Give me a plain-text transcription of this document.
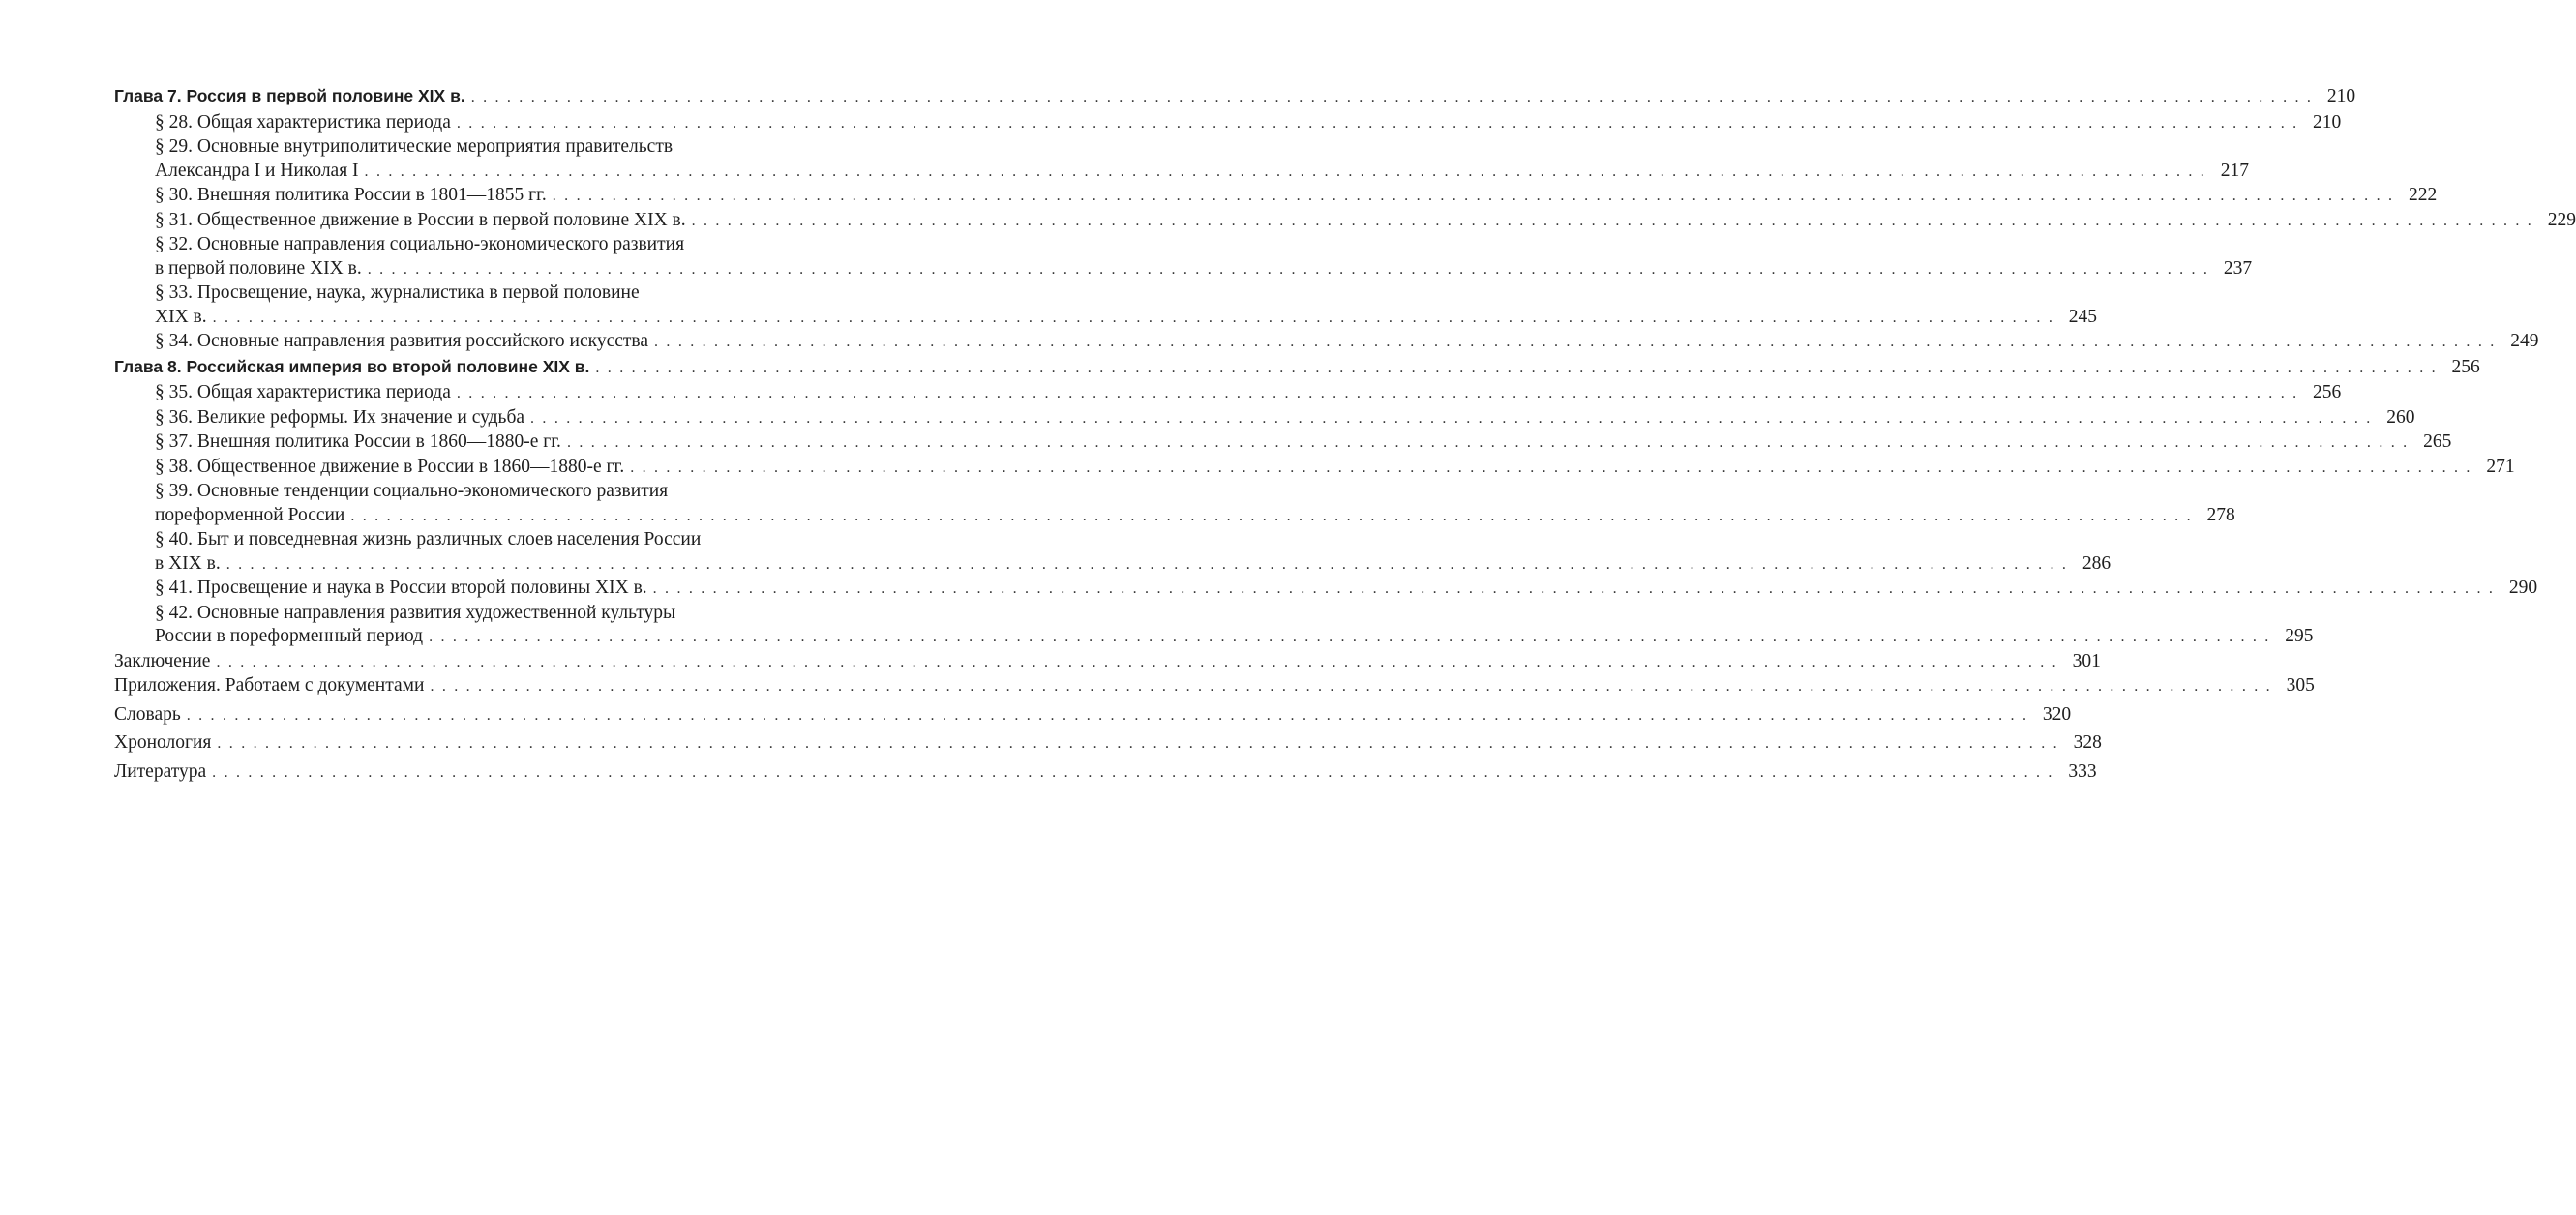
Глава 7. Россия в первой половине XIX в. . . .	210
§ 28. Общая характеристика периода . . .	210
§ 29. Основные внутриполитические мероприятия правительств
Александра I и Николая I . . .	217
§ 30. Внешняя политика России в 1801—1855 гг. . . .	222
§ 31. Общественное движение в России в первой половине XIX в. . . .	229
§ 32. Основные направления социально-экономического развития
в первой половине XIX в. . . .	237
§ 33. Просвещение, наука, журналистика в первой половине
XIX в. . . .	245
§ 34. Основные направления развития российского искусства . . .	249
Глава 8. Российская империя во второй половине XIX в. . . .	256
§ 35. Общая характеристика периода . . .	256
§ 36. Великие реформы. Их значение и судьба . . .	260
§ 37. Внешняя политика России в 1860—1880-е гг. . . .	265
§ 38. Общественное движение в России в 1860—1880-е гг. . . .	271
§ 39. Основные тенденции социально-экономического развития
пореформенной России . . .	278
§ 40. Быт и повседневная жизнь различных слоев населения России
в XIX в. . . .	286
§ 41. Просвещение и наука в России второй половины XIX в. . . .	290
§ 42. Основные направления развития художественной культуры
России в пореформенный период . . .	295
Заключение . . .	301
Приложения. Работаем с документами . . .	305
Словарь . . .	320
Хронология . . .	328
Литература . . .	333
